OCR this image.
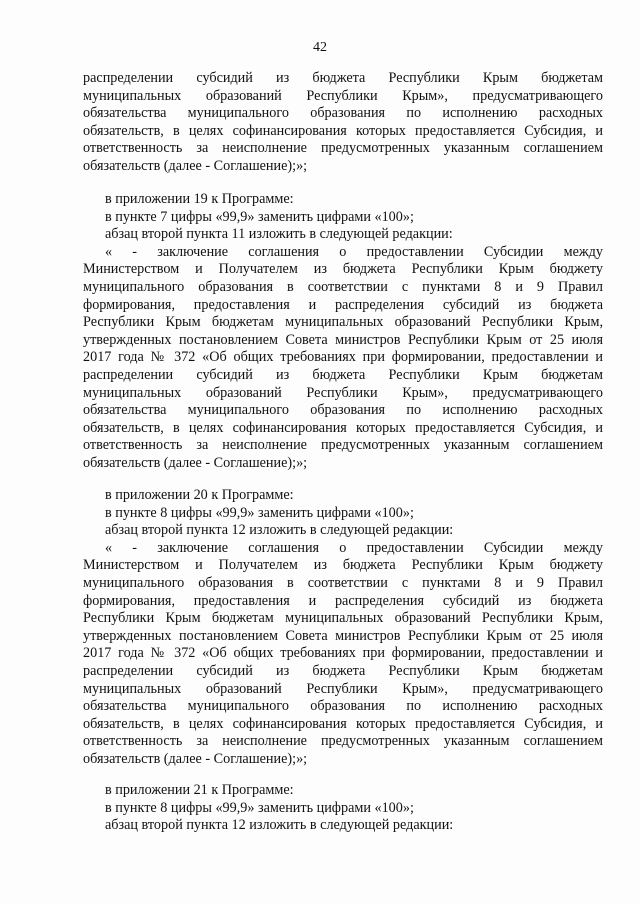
42
распределении субсидий из бюджета Республики Крым бюджетам
муниципальных образований Республики Крым», предусматривающего
обязательства муниципального образования по исполнению расходных
обязательств, в целях софинансирования которых предоставляется Субсидия, и
ответственность за неисполнение предусмотренных указанным соглашением
обязательств (далее - Соглашение);»;
в приложении 19 к Программе:
в пункте 7 цифры «99,9» заменить цифрами «100»;
абзац второй пункта 11 изложить в следующей редакции:
« - заключение соглашения о предоставлении Субсидии между
Министерством и Получателем из бюджета Республики Крым бюджету
муниципального образования в соответствии с пунктами 8 и 9 Правил
формирования, предоставления и распределения субсидий из бюджета
Республики Крым бюджетам муниципальных образований Республики Крым,
утвержденных постановлением Совета министров Республики Крым от 25 июля
2017 года № 372 «Об общих требованиях при формировании, предоставлении и
распределении субсидий из бюджета Республики Крым бюджетам
муниципальных образований Республики Крым», предусматривающего
обязательства муниципального образования по исполнению расходных
обязательств, в целях софинансирования которых предоставляется Субсидия, и
ответственность за неисполнение предусмотренных указанным соглашением
обязательств (далее - Соглашение);»;
в приложении 20 к Программе:
в пункте 8 цифры «99,9» заменить цифрами «100»;
абзац второй пункта 12 изложить в следующей редакции:
« - заключение соглашения о предоставлении Субсидии между
Министерством и Получателем из бюджета Республики Крым бюджету
муниципального образования в соответствии с пунктами 8 и 9 Правил
формирования, предоставления и распределения субсидий из бюджета
Республики Крым бюджетам муниципальных образований Республики Крым,
утвержденных постановлением Совета министров Республики Крым от 25 июля
2017 года № 372 «Об общих требованиях при формировании, предоставлении и
распределении субсидий из бюджета Республики Крым бюджетам
муниципальных образований Республики Крым», предусматривающего
обязательства муниципального образования по исполнению расходных
обязательств, в целях софинансирования которых предоставляется Субсидия, и
ответственность за неисполнение предусмотренных указанным соглашением
обязательств (далее - Соглашение);»;
в приложении 21 к Программе:
в пункте 8 цифры «99,9» заменить цифрами «100»;
абзац второй пункта 12 изложить в следующей редакции:
